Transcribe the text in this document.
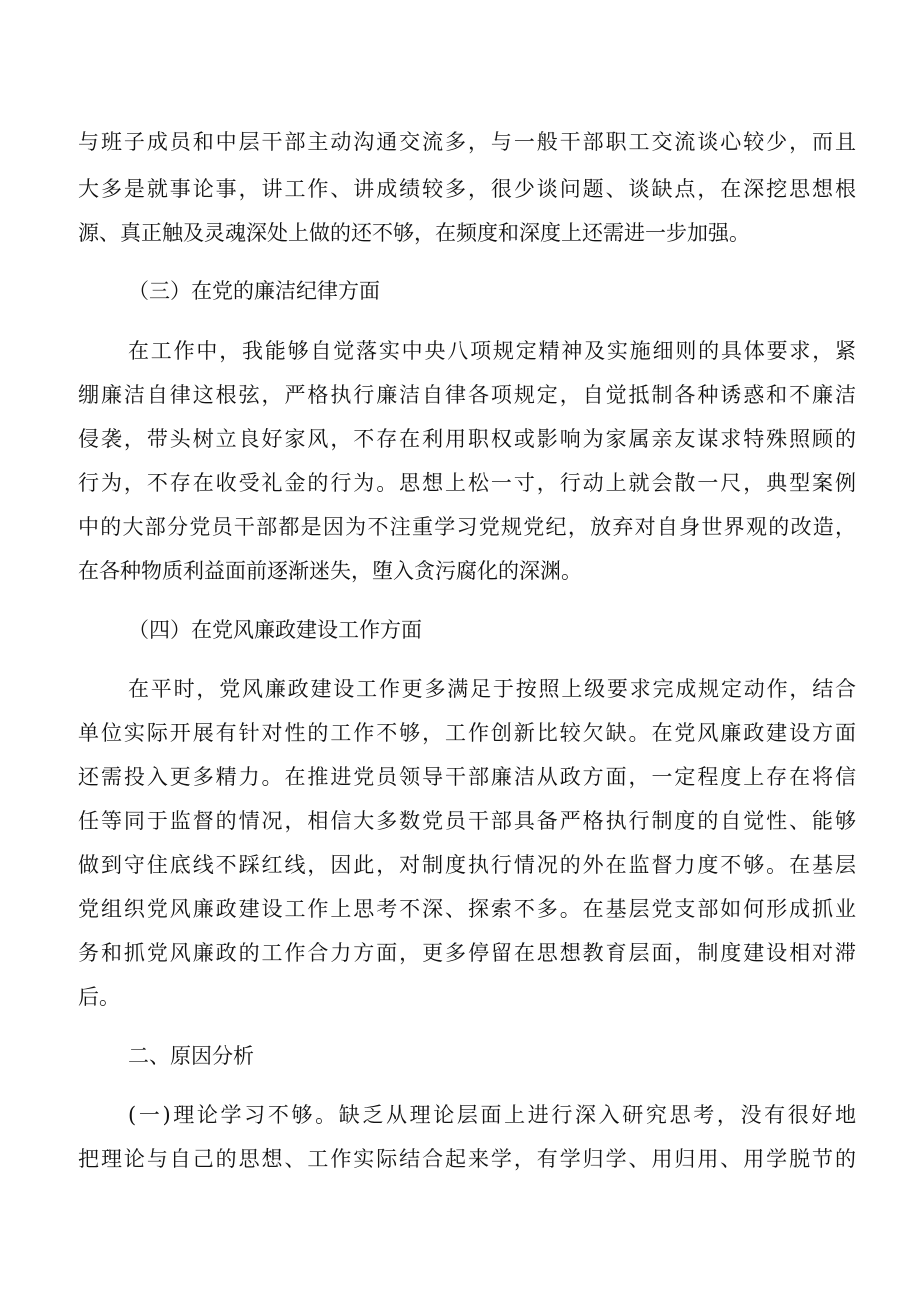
与班子成员和中层干部主动沟通交流多，与一般干部职工交流谈心较少，而且
大多是就事论事，讲工作、讲成绩较多，很少谈问题、谈缺点，在深挖思想根
源、真正触及灵魂深处上做的还不够，在频度和深度上还需进一步加强。
（三）在党的廉洁纪律方面
在工作中，我能够自觉落实中央八项规定精神及实施细则的具体要求，紧
绷廉洁自律这根弦，严格执行廉洁自律各项规定，自觉抵制各种诱惑和不廉洁
侵袭，带头树立良好家风，不存在利用职权或影响为家属亲友谋求特殊照顾的
行为，不存在收受礼金的行为。思想上松一寸，行动上就会散一尺，典型案例
中的大部分党员干部都是因为不注重学习党规党纪，放弃对自身世界观的改造，
在各种物质利益面前逐渐迷失，堕入贪污腐化的深渊。
（四）在党风廉政建设工作方面
在平时，党风廉政建设工作更多满足于按照上级要求完成规定动作，结合
单位实际开展有针对性的工作不够，工作创新比较欠缺。在党风廉政建设方面
还需投入更多精力。在推进党员领导干部廉洁从政方面，一定程度上存在将信
任等同于监督的情况，相信大多数党员干部具备严格执行制度的自觉性、能够
做到守住底线不踩红线，因此，对制度执行情况的外在监督力度不够。在基层
党组织党风廉政建设工作上思考不深、探索不多。在基层党支部如何形成抓业
务和抓党风廉政的工作合力方面，更多停留在思想教育层面，制度建设相对滞
后。
二、原因分析
(一)理论学习不够。缺乏从理论层面上进行深入研究思考，没有很好地
把理论与自己的思想、工作实际结合起来学，有学归学、用归用、用学脱节的
